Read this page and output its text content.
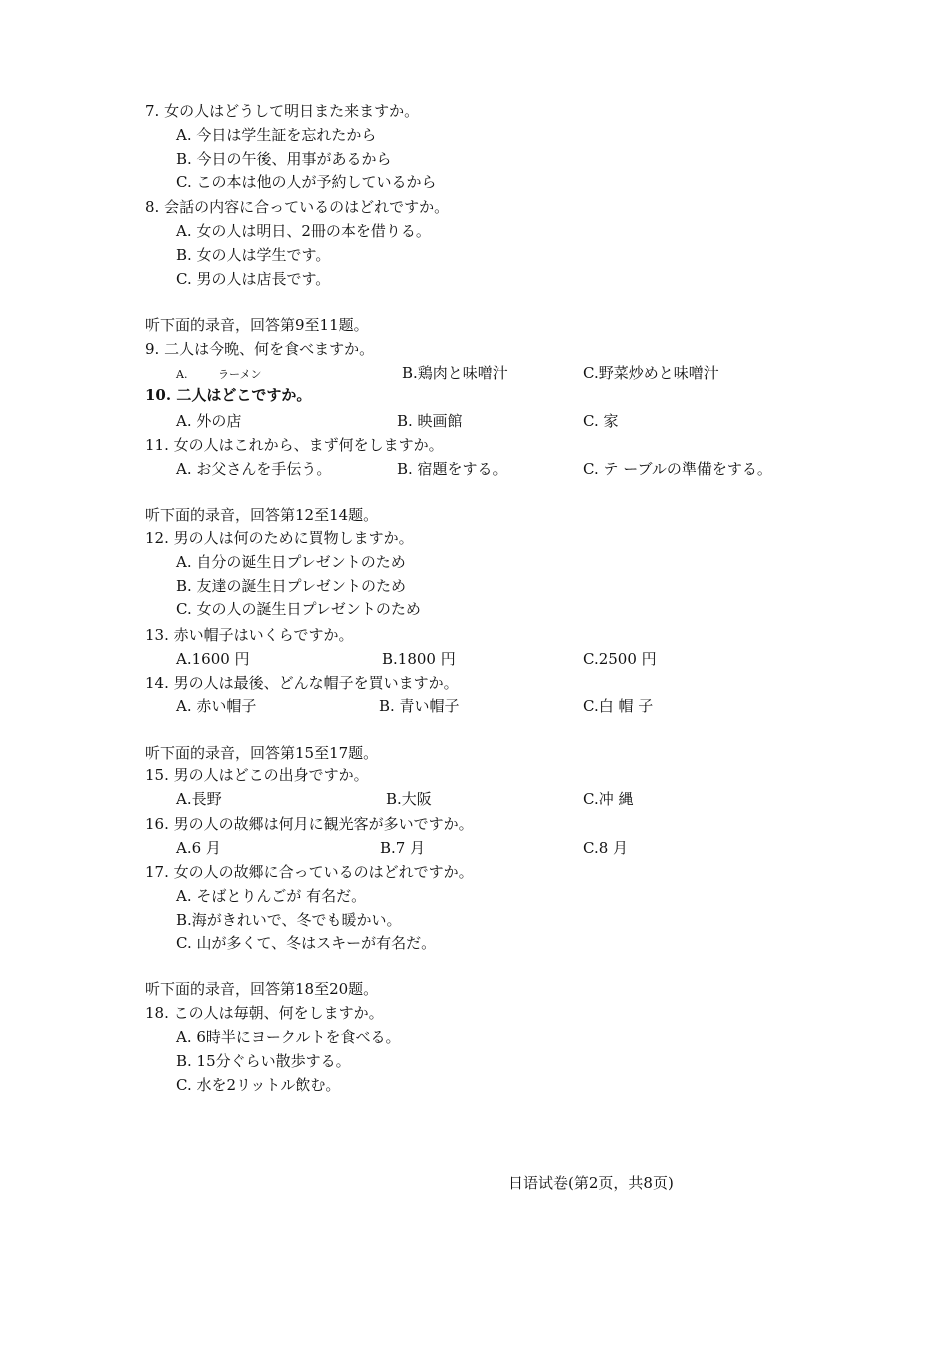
7. 女の人はどうして明日また来ますか。
A. 今日は学生証を忘れたから
B. 今日の午後、用事があるから
C. この本は他の人が予約しているから
8. 会話の内容に合っているのはどれですか。
A. 女の人は明日、2冊の本を借りる。
B. 女の人は学生です。
C. 男の人は店長です。
听下面的录音，回答第9至11题。
9. 二人は今晩、何を食べますか。
A.	ラーメン	B.鶏肉と味噌汁	C.野菜炒めと味噌汁
10. 二人はどこですか。
A. 外の店	B. 映画館	C. 家
11. 女の人はこれから、まず何をしますか。
A. お父さんを手伝う。	B. 宿題をする。	C. テ ーブルの準備をする。
听下面的录音，回答第12至14题。
12. 男の人は何のために買物しますか。
A. 自分の诞生日プレゼントのため
B. 友達の誕生日プレゼントのため
C. 女の人の誕生日プレゼントのため
13. 赤い帽子はいくらですか。
A.1600 円	B.1800 円	C.2500 円
14. 男の人は最後、どんな帽子を買いますか。
A. 赤い帽子	B. 青い帽子	C.白 帽 子
听下面的录音，回答第15至17题。
15. 男の人はどこの出身ですか。
A.長野	B.大阪	C.冲 縄
16. 男の人の故郷は何月に観光客が多いですか。
A.6 月	B.7 月	C.8 月
17. 女の人の故郷に合っているのはどれですか。
A. そばとりんごが 有名だ。
B.海がきれいで、冬でも暖かい。
C. 山が多くて、冬はスキーが有名だ。
听下面的录音，回答第18至20题。
18. この人は毎朝、何をしますか。
A. 6時半にヨークルトを食べる。
B. 15分ぐらい散歩する。
C. 水を2リットル飲む。
日语试卷(第2页，共8页)
